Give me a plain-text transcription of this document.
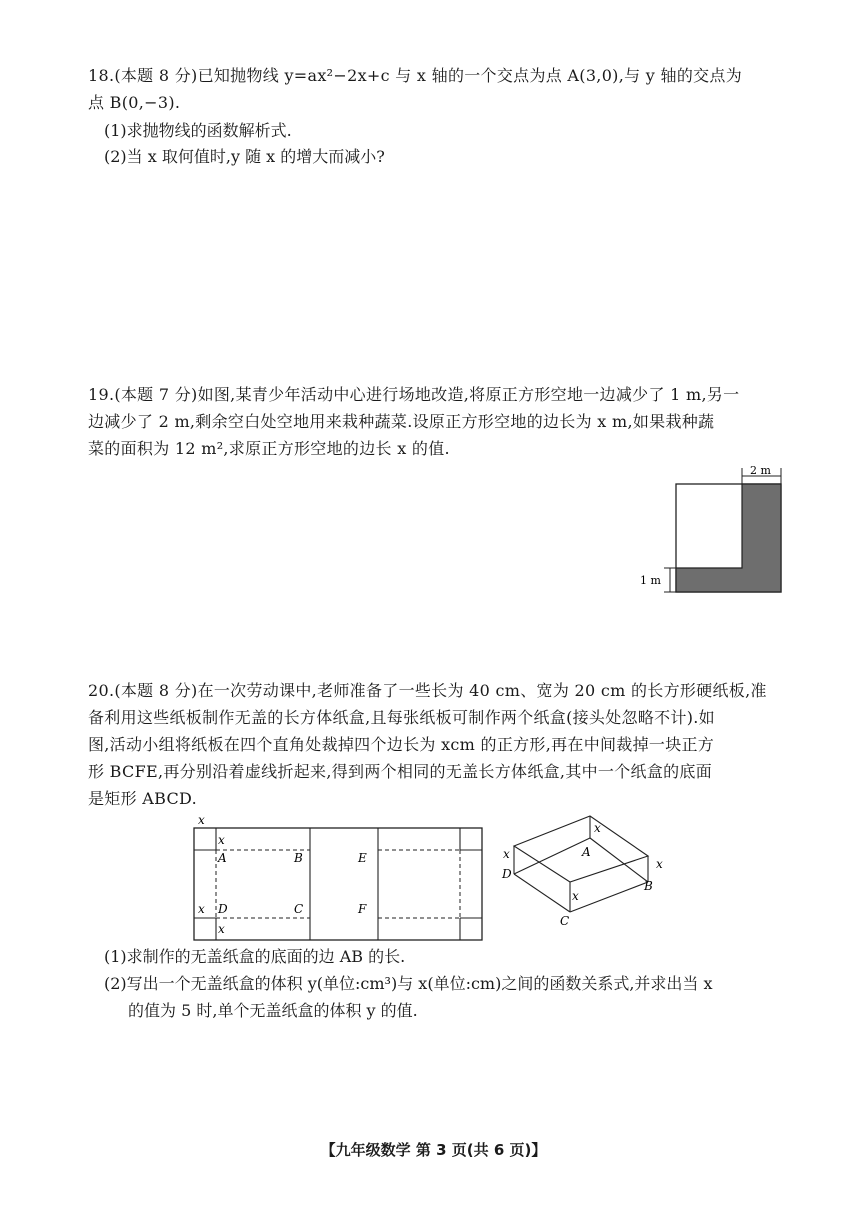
18.(本题 8 分)已知抛物线 y=ax²−2x+c 与 x 轴的一个交点为点 A(3,0),与 y 轴的交点为
点 B(0,−3).

(1)求抛物线的函数解析式.

(2)当 x 取何值时,y 随 x 的增大而减小?

19.(本题 7 分)如图,某青少年活动中心进行场地改造,将原正方形空地一边减少了 1 m,另一
边减少了 2 m,剩余空白处空地用来栽种蔬菜.设原正方形空地的边长为 x m,如果栽种蔬
菜的面积为 12 m²,求原正方形空地的边长 x 的值.

2 m
1 m

20.(本题 8 分)在一次劳动课中,老师准备了一些长为 40 cm、宽为 20 cm 的长方形硬纸板,准
备利用这些纸板制作无盖的长方体纸盒,且每张纸板可制作两个纸盒(接头处忽略不计).如
图,活动小组将纸板在四个直角处裁掉四个边长为 xcm 的正方形,再在中间裁掉一块正方
形 BCFE,再分别沿着虚线折起来,得到两个相同的无盖长方体纸盒,其中一个纸盒的底面
是矩形 ABCD.

x
x
A	B	E
x D	C	F
x
x
A
x
D
x
B
x
C

(1)求制作的无盖纸盒的底面的边 AB 的长.

(2)写出一个无盖纸盒的体积 y(单位:cm³)与 x(单位:cm)之间的函数关系式,并求出当 x
的值为 5 时,单个无盖纸盒的体积 y 的值.

【九年级数学 第 3 页(共 6 页)】
